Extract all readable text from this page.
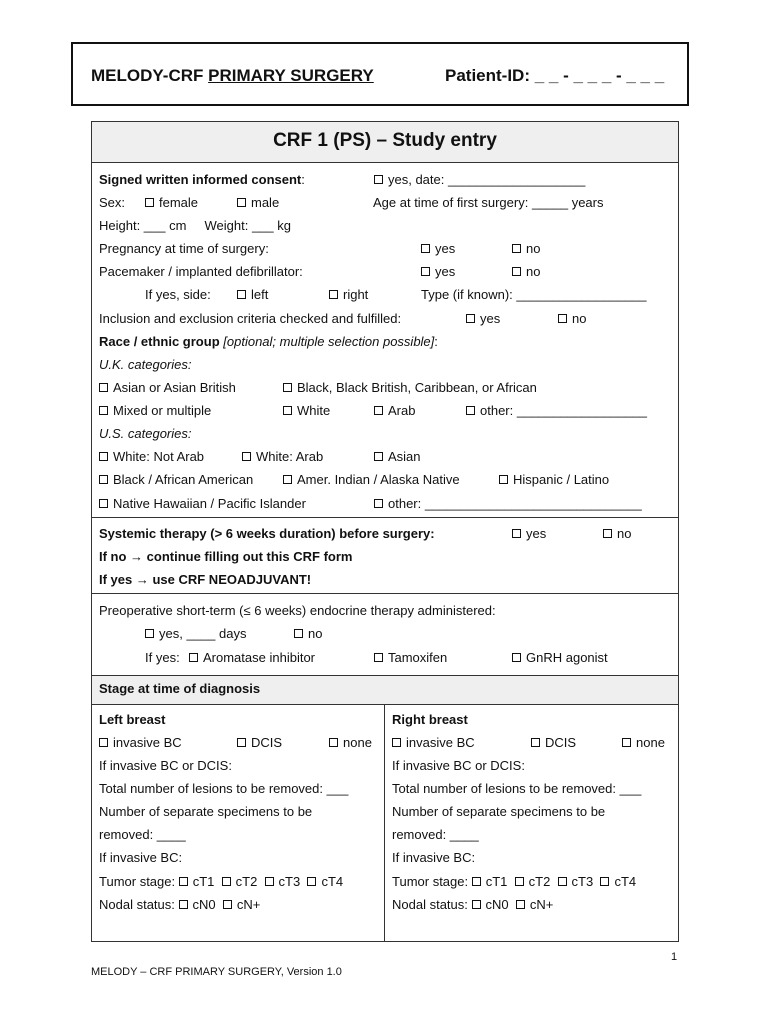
MELODY-CRF PRIMARY SURGERY	Patient-ID: _ _ - _ _ _ - _ _ _
CRF 1 (PS) – Study entry
Signed written informed consent:	yes, date: ___________________
Sex:	female	male	Age at time of first surgery: _____ years
Height: ___ cm     Weight: ___ kg
Pregnancy at time of surgery:	yes	no
Pacemaker / implanted defibrillator:	yes	no
If yes, side:	left	right	Type (if known): __________________
Inclusion and exclusion criteria checked and fulfilled:	yes	no
Race / ethnic group [optional; multiple selection possible]:
U.K. categories:
Asian or Asian British	Black, Black British, Caribbean, or African
Mixed or multiple	White	Arab	other: __________________
U.S. categories:
White: Not Arab	White: Arab	Asian
Black / African American	Amer. Indian / Alaska Native	Hispanic / Latino
Native Hawaiian / Pacific Islander	other: ______________________________
Systemic therapy (> 6 weeks duration) before surgery:	yes	no
If no → continue filling out this CRF form
If yes → use CRF NEOADJUVANT!
Preoperative short-term (≤ 6 weeks) endocrine therapy administered:
yes, ____ days	no
If yes:	Aromatase inhibitor	Tamoxifen	GnRH agonist
Stage at time of diagnosis
Left breast
invasive BC	DCIS	none
If invasive BC or DCIS:
Total number of lesions to be removed: ___
Number of separate specimens to be
removed: ____
If invasive BC:
Tumor stage: cT1 cT2 cT3 cT4
Nodal status: cN0 cN+
Right breast
invasive BC	DCIS	none
If invasive BC or DCIS:
Total number of lesions to be removed: ___
Number of separate specimens to be
removed: ____
If invasive BC:
Tumor stage: cT1 cT2 cT3 cT4
Nodal status: cN0 cN+
1
MELODY – CRF PRIMARY SURGERY, Version 1.0
